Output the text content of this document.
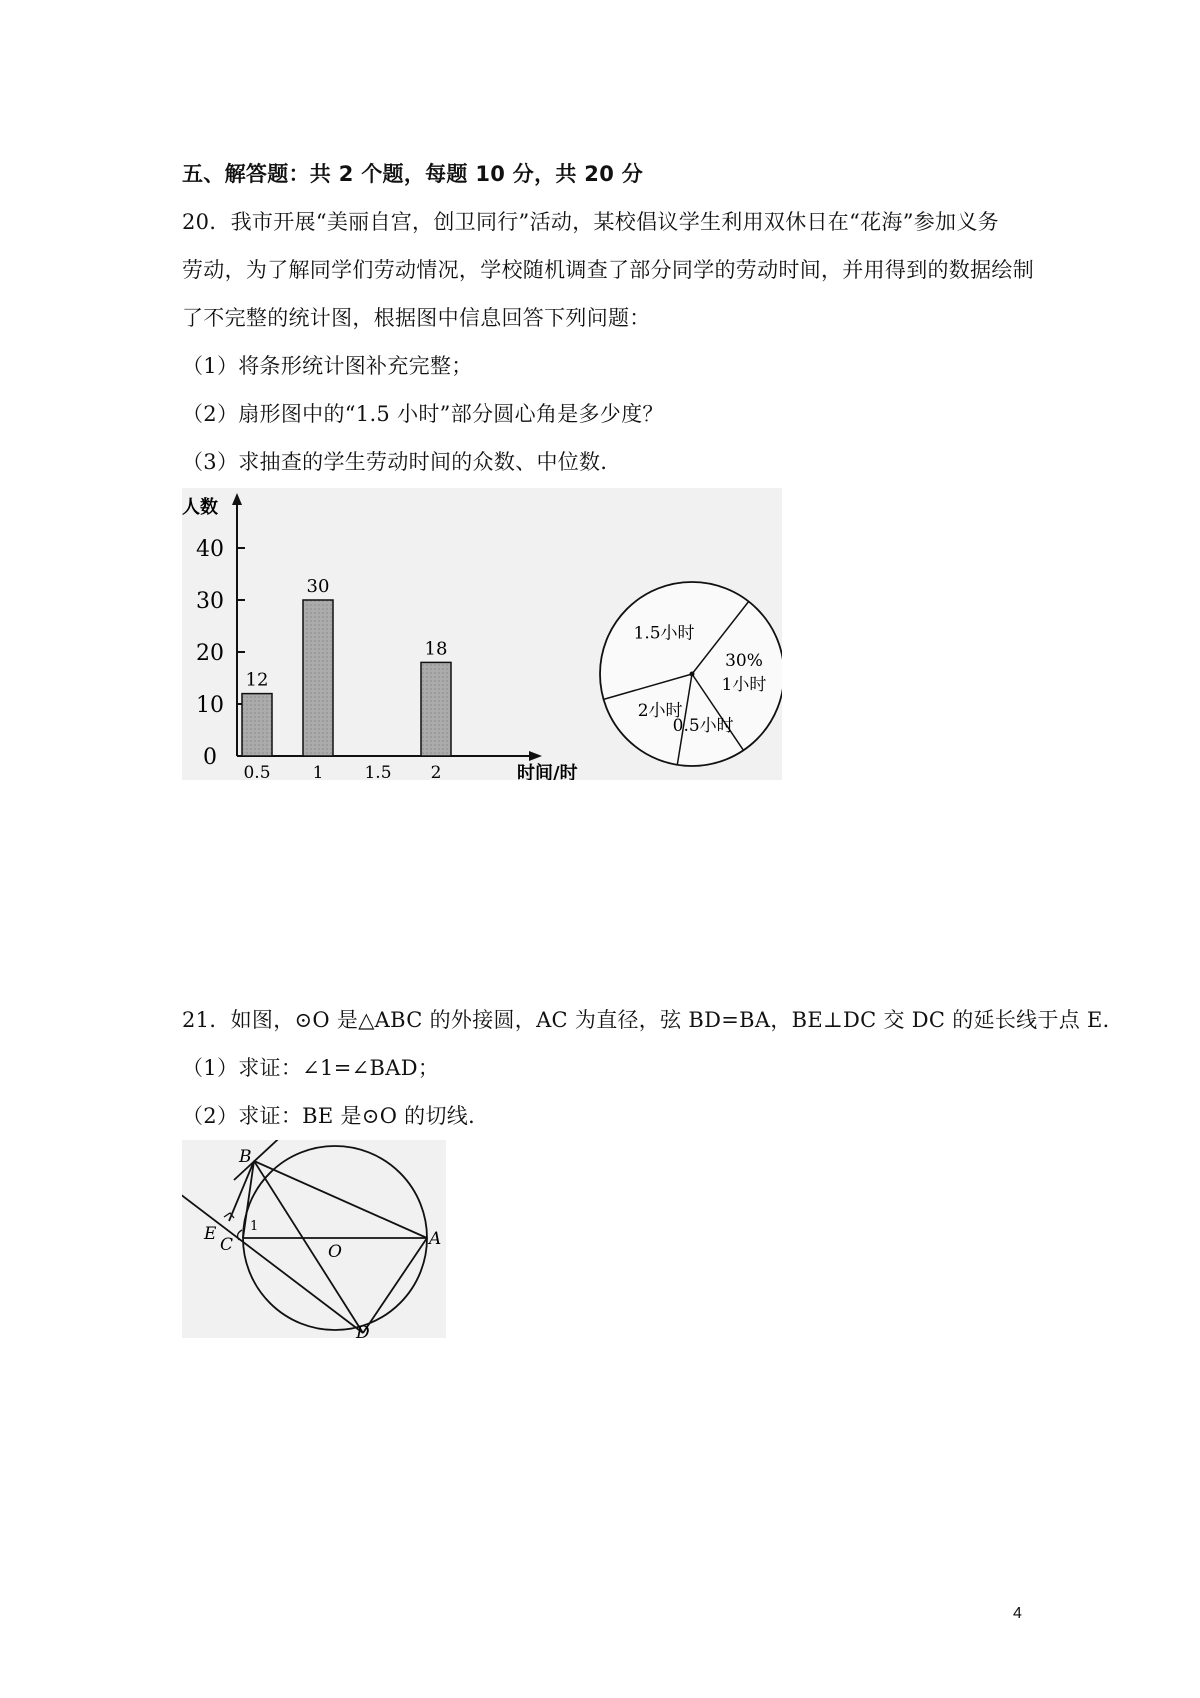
五、解答题：共 2 个题，每题 10 分，共 20 分
20．我市开展“美丽自宫，创卫同行”活动，某校倡议学生利用双休日在“花海”参加义务
劳动，为了解同学们劳动情况，学校随机调查了部分同学的劳动时间，并用得到的数据绘制
了不完整的统计图，根据图中信息回答下列问题：
（1）将条形统计图补充完整；
（2）扇形图中的“1.5 小时”部分圆心角是多少度？
（3）求抽查的学生劳动时间的众数、中位数．
人数
时间/时
0
10
20
30
40
12
30
18
0.5 1 1.5 2
30%
1小时
0.5小时
2小时
1.5小时
21．如图，⊙O 是△ABC 的外接圆，AC 为直径，弦 BD=BA，BE⊥DC 交 DC 的延长线于点 E．
（1）求证：∠1=∠BAD；
（2）求证：BE 是⊙O 的切线．
B
E
C
1
O
A
D
4
